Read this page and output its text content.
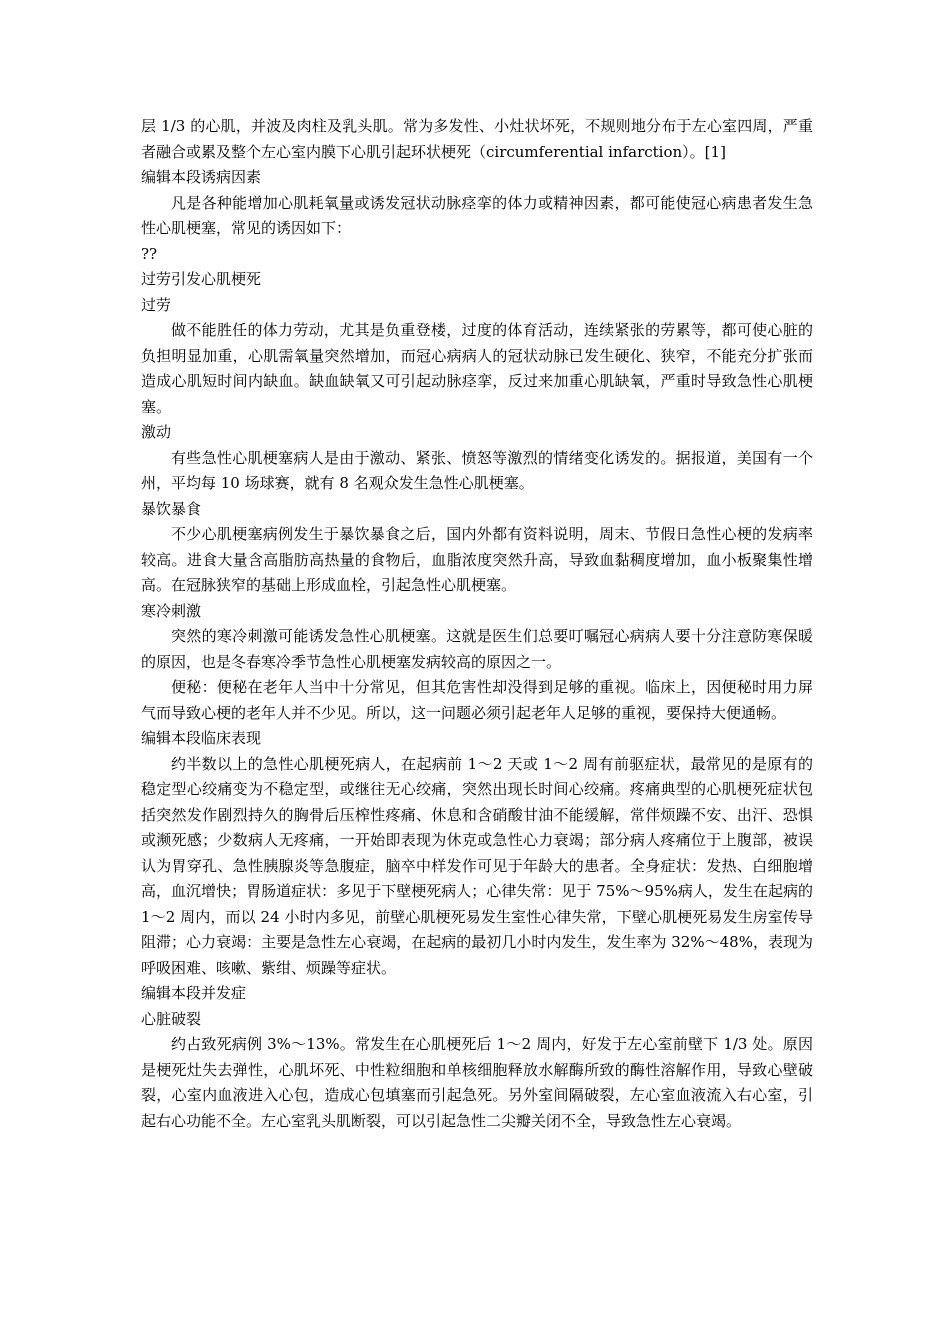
层 1/3 的心肌，并波及肉柱及乳头肌。常为多发性、小灶状坏死，不规则地分布于左心室四周，严重者融合或累及整个左心室内膜下心肌引起环状梗死（circumferential infarction）。[1]

编辑本段诱病因素

凡是各种能增加心肌耗氧量或诱发冠状动脉痉挛的体力或精神因素，都可能使冠心病患者发生急性心肌梗塞，常见的诱因如下：

??

过劳引发心肌梗死

过劳

做不能胜任的体力劳动，尤其是负重登楼，过度的体育活动，连续紧张的劳累等，都可使心脏的负担明显加重，心肌需氧量突然增加，而冠心病病人的冠状动脉已发生硬化、狭窄，不能充分扩张而造成心肌短时间内缺血。缺血缺氧又可引起动脉痉挛，反过来加重心肌缺氧，严重时导致急性心肌梗塞。

激动

有些急性心肌梗塞病人是由于激动、紧张、愤怒等激烈的情绪变化诱发的。据报道，美国有一个州，平均每 10 场球赛，就有 8 名观众发生急性心肌梗塞。

暴饮暴食

不少心肌梗塞病例发生于暴饮暴食之后，国内外都有资料说明，周末、节假日急性心梗的发病率较高。进食大量含高脂肪高热量的食物后，血脂浓度突然升高，导致血黏稠度增加，血小板聚集性增高。在冠脉狭窄的基础上形成血栓，引起急性心肌梗塞。

寒冷刺激

突然的寒冷刺激可能诱发急性心肌梗塞。这就是医生们总要叮嘱冠心病病人要十分注意防寒保暖的原因，也是冬春寒冷季节急性心肌梗塞发病较高的原因之一。

便秘：便秘在老年人当中十分常见，但其危害性却没得到足够的重视。临床上，因便秘时用力屏气而导致心梗的老年人并不少见。所以，这一问题必须引起老年人足够的重视，要保持大便通畅。

编辑本段临床表现

约半数以上的急性心肌梗死病人，在起病前 1～2 天或 1～2 周有前驱症状，最常见的是原有的稳定型心绞痛变为不稳定型，或继往无心绞痛，突然出现长时间心绞痛。疼痛典型的心肌梗死症状包括突然发作剧烈持久的胸骨后压榨性疼痛、休息和含硝酸甘油不能缓解，常伴烦躁不安、出汗、恐惧或濒死感；少数病人无疼痛，一开始即表现为休克或急性心力衰竭；部分病人疼痛位于上腹部，被误认为胃穿孔、急性胰腺炎等急腹症，脑卒中样发作可见于年龄大的患者。全身症状：发热、白细胞增高，血沉增快；胃肠道症状：多见于下壁梗死病人；心律失常：见于 75%～95%病人，发生在起病的 1～2 周内，而以 24 小时内多见，前壁心肌梗死易发生室性心律失常，下壁心肌梗死易发生房室传导阻滞；心力衰竭：主要是急性左心衰竭，在起病的最初几小时内发生，发生率为 32%～48%，表现为呼吸困难、咳嗽、紫绀、烦躁等症状。

编辑本段并发症

心脏破裂

约占致死病例 3%～13%。常发生在心肌梗死后 1～2 周内，好发于左心室前壁下 1/3 处。原因是梗死灶失去弹性，心肌坏死、中性粒细胞和单核细胞释放水解酶所致的酶性溶解作用，导致心壁破裂，心室内血液进入心包，造成心包填塞而引起急死。另外室间隔破裂，左心室血液流入右心室，引起右心功能不全。左心室乳头肌断裂，可以引起急性二尖瓣关闭不全，导致急性左心衰竭。
